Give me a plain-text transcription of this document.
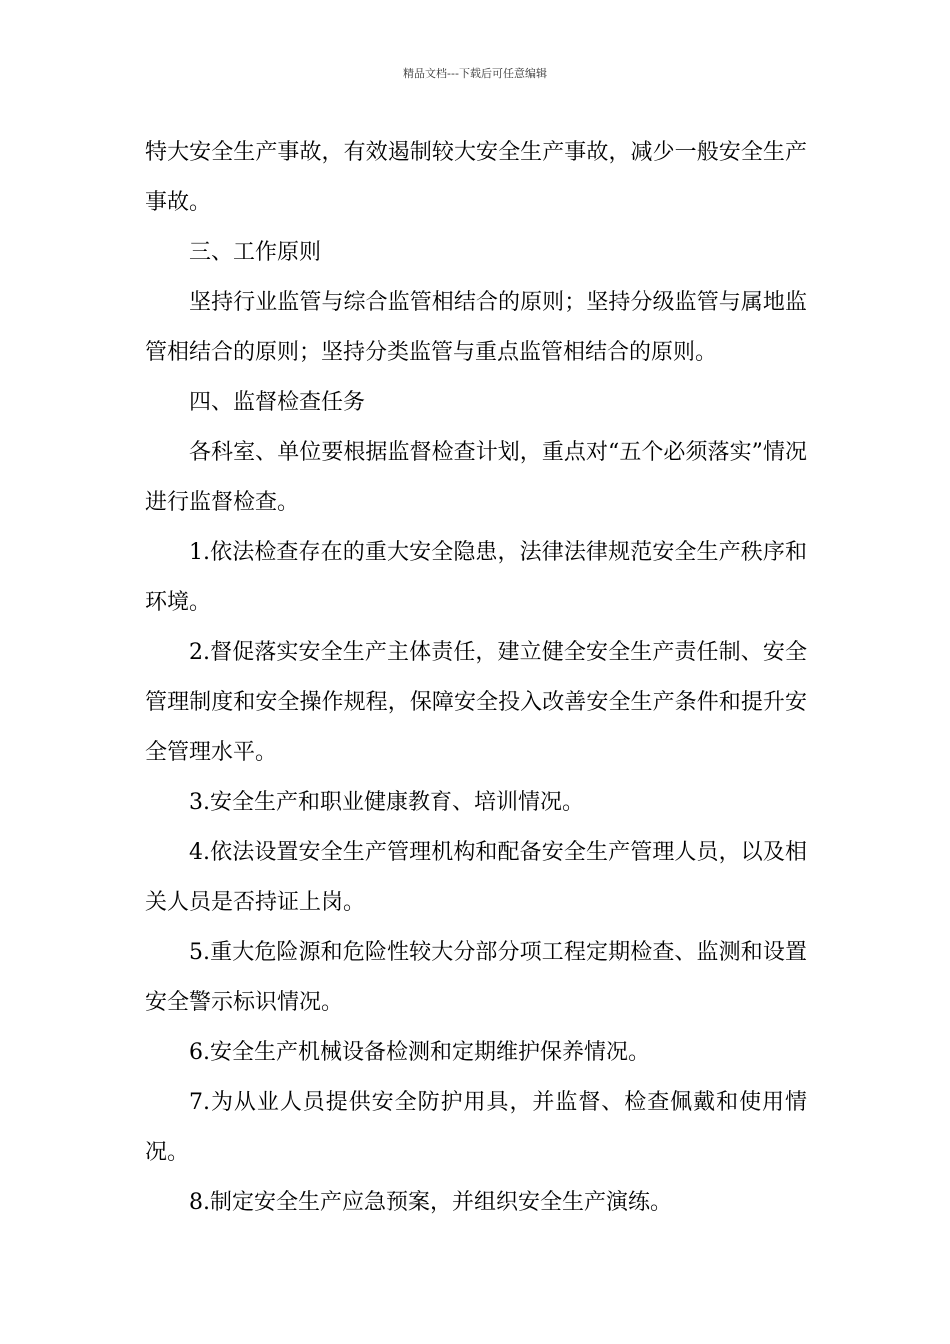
精品文档---下载后可任意编辑

特大安全生产事故，有效遏制较大安全生产事故，减少一般安全生产事故。

三、工作原则

坚持行业监管与综合监管相结合的原则；坚持分级监管与属地监管相结合的原则；坚持分类监管与重点监管相结合的原则。

四、监督检查任务

各科室、单位要根据监督检查计划，重点对“五个必须落实”情况进行监督检查。

1.依法检查存在的重大安全隐患，法律法律规范安全生产秩序和环境。

2.督促落实安全生产主体责任，建立健全安全生产责任制、安全管理制度和安全操作规程，保障安全投入改善安全生产条件和提升安全管理水平。

3.安全生产和职业健康教育、培训情况。

4.依法设置安全生产管理机构和配备安全生产管理人员，以及相关人员是否持证上岗。

5.重大危险源和危险性较大分部分项工程定期检查、监测和设置安全警示标识情况。

6.安全生产机械设备检测和定期维护保养情况。

7.为从业人员提供安全防护用具，并监督、检查佩戴和使用情况。

8.制定安全生产应急预案，并组织安全生产演练。
